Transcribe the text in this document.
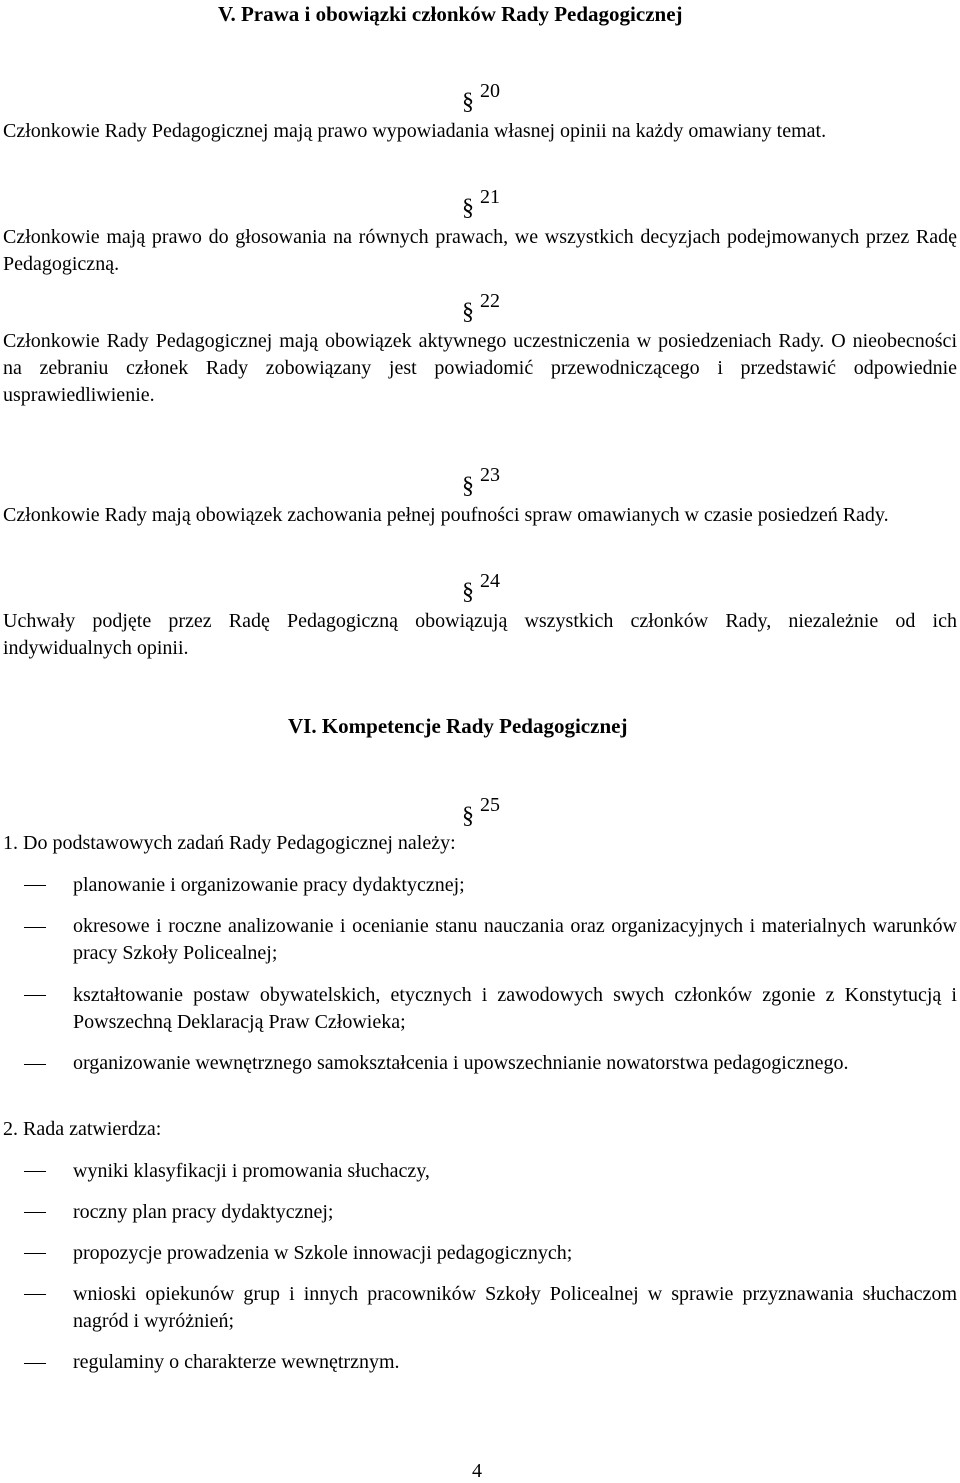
V. Prawa i obowiązki członków Rady Pedagogicznej
§ 20
Członkowie Rady Pedagogicznej mają prawo wypowiadania własnej opinii na każdy omawiany temat.
§ 21
Członkowie mają prawo do głosowania na równych prawach, we wszystkich decyzjach podejmowanych przez Radę Pedagogiczną.
§ 22
Członkowie Rady Pedagogicznej mają obowiązek aktywnego uczestniczenia w posiedzeniach Rady. O nieobecności na zebraniu członek Rady zobowiązany jest powiadomić przewodniczącego i przedstawić odpowiednie usprawiedliwienie.
§ 23
Członkowie Rady mają obowiązek zachowania pełnej poufności spraw omawianych w czasie posiedzeń Rady.
§ 24
Uchwały podjęte przez Radę Pedagogiczną obowiązują wszystkich członków Rady, niezależnie od ich indywidualnych opinii.
VI. Kompetencje Rady Pedagogicznej
§ 25
1. Do podstawowych zadań Rady Pedagogicznej należy:
planowanie i organizowanie pracy dydaktycznej;
okresowe i roczne analizowanie i ocenianie stanu nauczania oraz organizacyjnych i materialnych warunków pracy Szkoły Policealnej;
kształtowanie postaw obywatelskich, etycznych i zawodowych swych członków zgonie z Konstytucją i Powszechną Deklaracją Praw Człowieka;
organizowanie wewnętrznego samokształcenia i upowszechnianie nowatorstwa pedagogicznego.
2. Rada zatwierdza:
wyniki klasyfikacji i promowania słuchaczy,
roczny plan pracy dydaktycznej;
propozycje prowadzenia w Szkole innowacji pedagogicznych;
wnioski opiekunów grup i innych pracowników Szkoły Policealnej w sprawie przyznawania słuchaczom nagród i wyróżnień;
regulaminy o charakterze wewnętrznym.
4
